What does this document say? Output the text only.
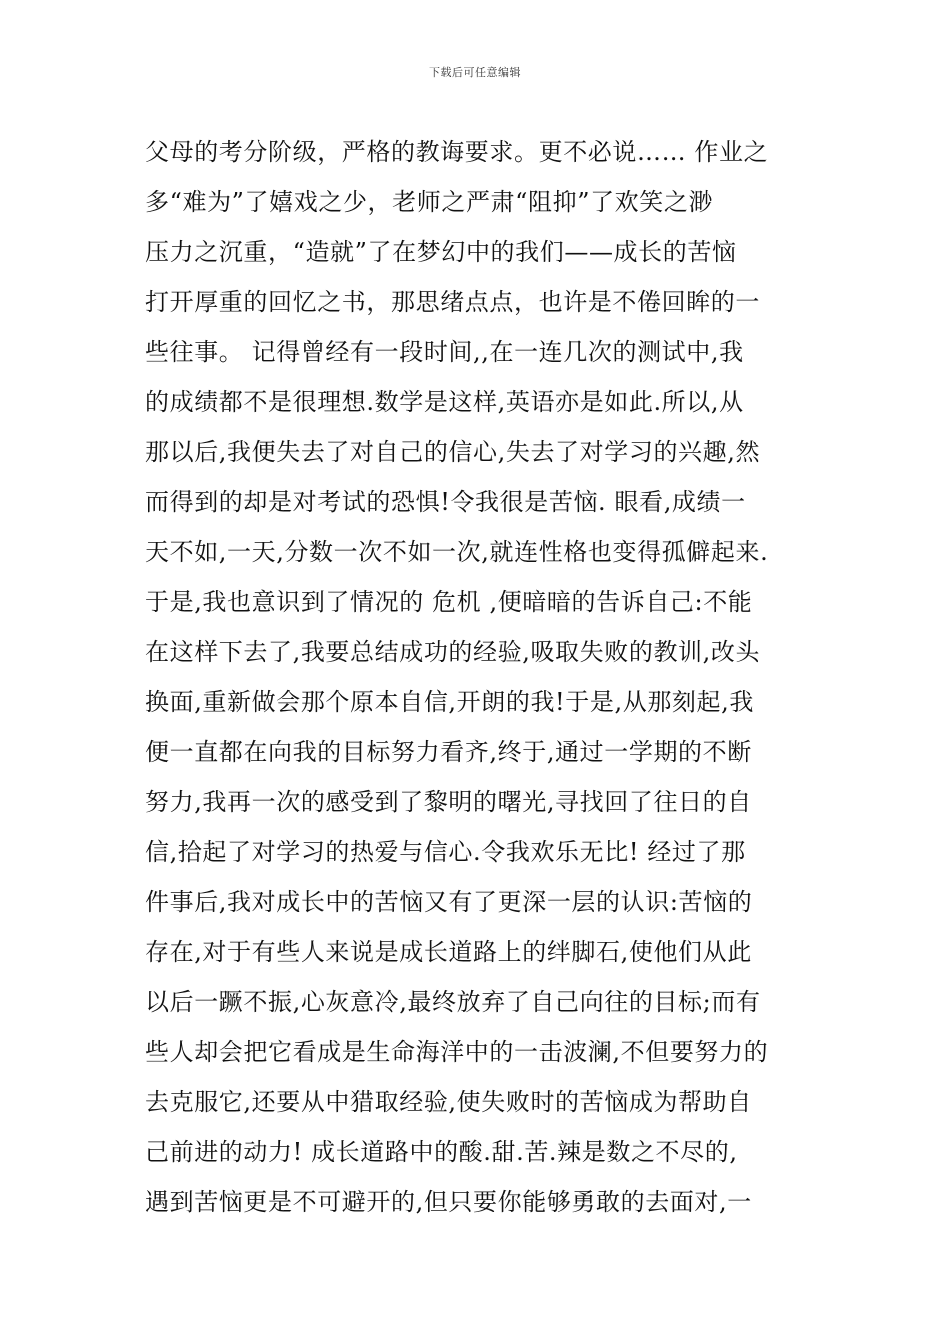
下载后可任意编辑
父母的考分阶级，严格的教诲要求。更不必说…… 作业之
多“难为”了嬉戏之少，老师之严肃“阻抑”了欢笑之渺
压力之沉重，“造就”了在梦幻中的我们——成长的苦恼
打开厚重的回忆之书，那思绪点点，也许是不倦回眸的一
些往事。 记得曾经有一段时间,,在一连几次的测试中,我
的成绩都不是很理想.数学是这样,英语亦是如此.所以,从
那以后,我便失去了对自己的信心,失去了对学习的兴趣,然
而得到的却是对考试的恐惧!令我很是苦恼. 眼看,成绩一
天不如,一天,分数一次不如一次,就连性格也变得孤僻起来.
于是,我也意识到了情况的 危机 ,便暗暗的告诉自己:不能
在这样下去了,我要总结成功的经验,吸取失败的教训,改头
换面,重新做会那个原本自信,开朗的我!于是,从那刻起,我
便一直都在向我的目标努力看齐,终于,通过一学期的不断
努力,我再一次的感受到了黎明的曙光,寻找回了往日的自
信,拾起了对学习的热爱与信心.令我欢乐无比! 经过了那
件事后,我对成长中的苦恼又有了更深一层的认识:苦恼的
存在,对于有些人来说是成长道路上的绊脚石,使他们从此
以后一蹶不振,心灰意冷,最终放弃了自己向往的目标;而有
些人却会把它看成是生命海洋中的一击波澜,不但要努力的
去克服它,还要从中猎取经验,使失败时的苦恼成为帮助自
己前进的动力! 成长道路中的酸.甜.苦.辣是数之不尽的,
遇到苦恼更是不可避开的,但只要你能够勇敢的去面对,一
